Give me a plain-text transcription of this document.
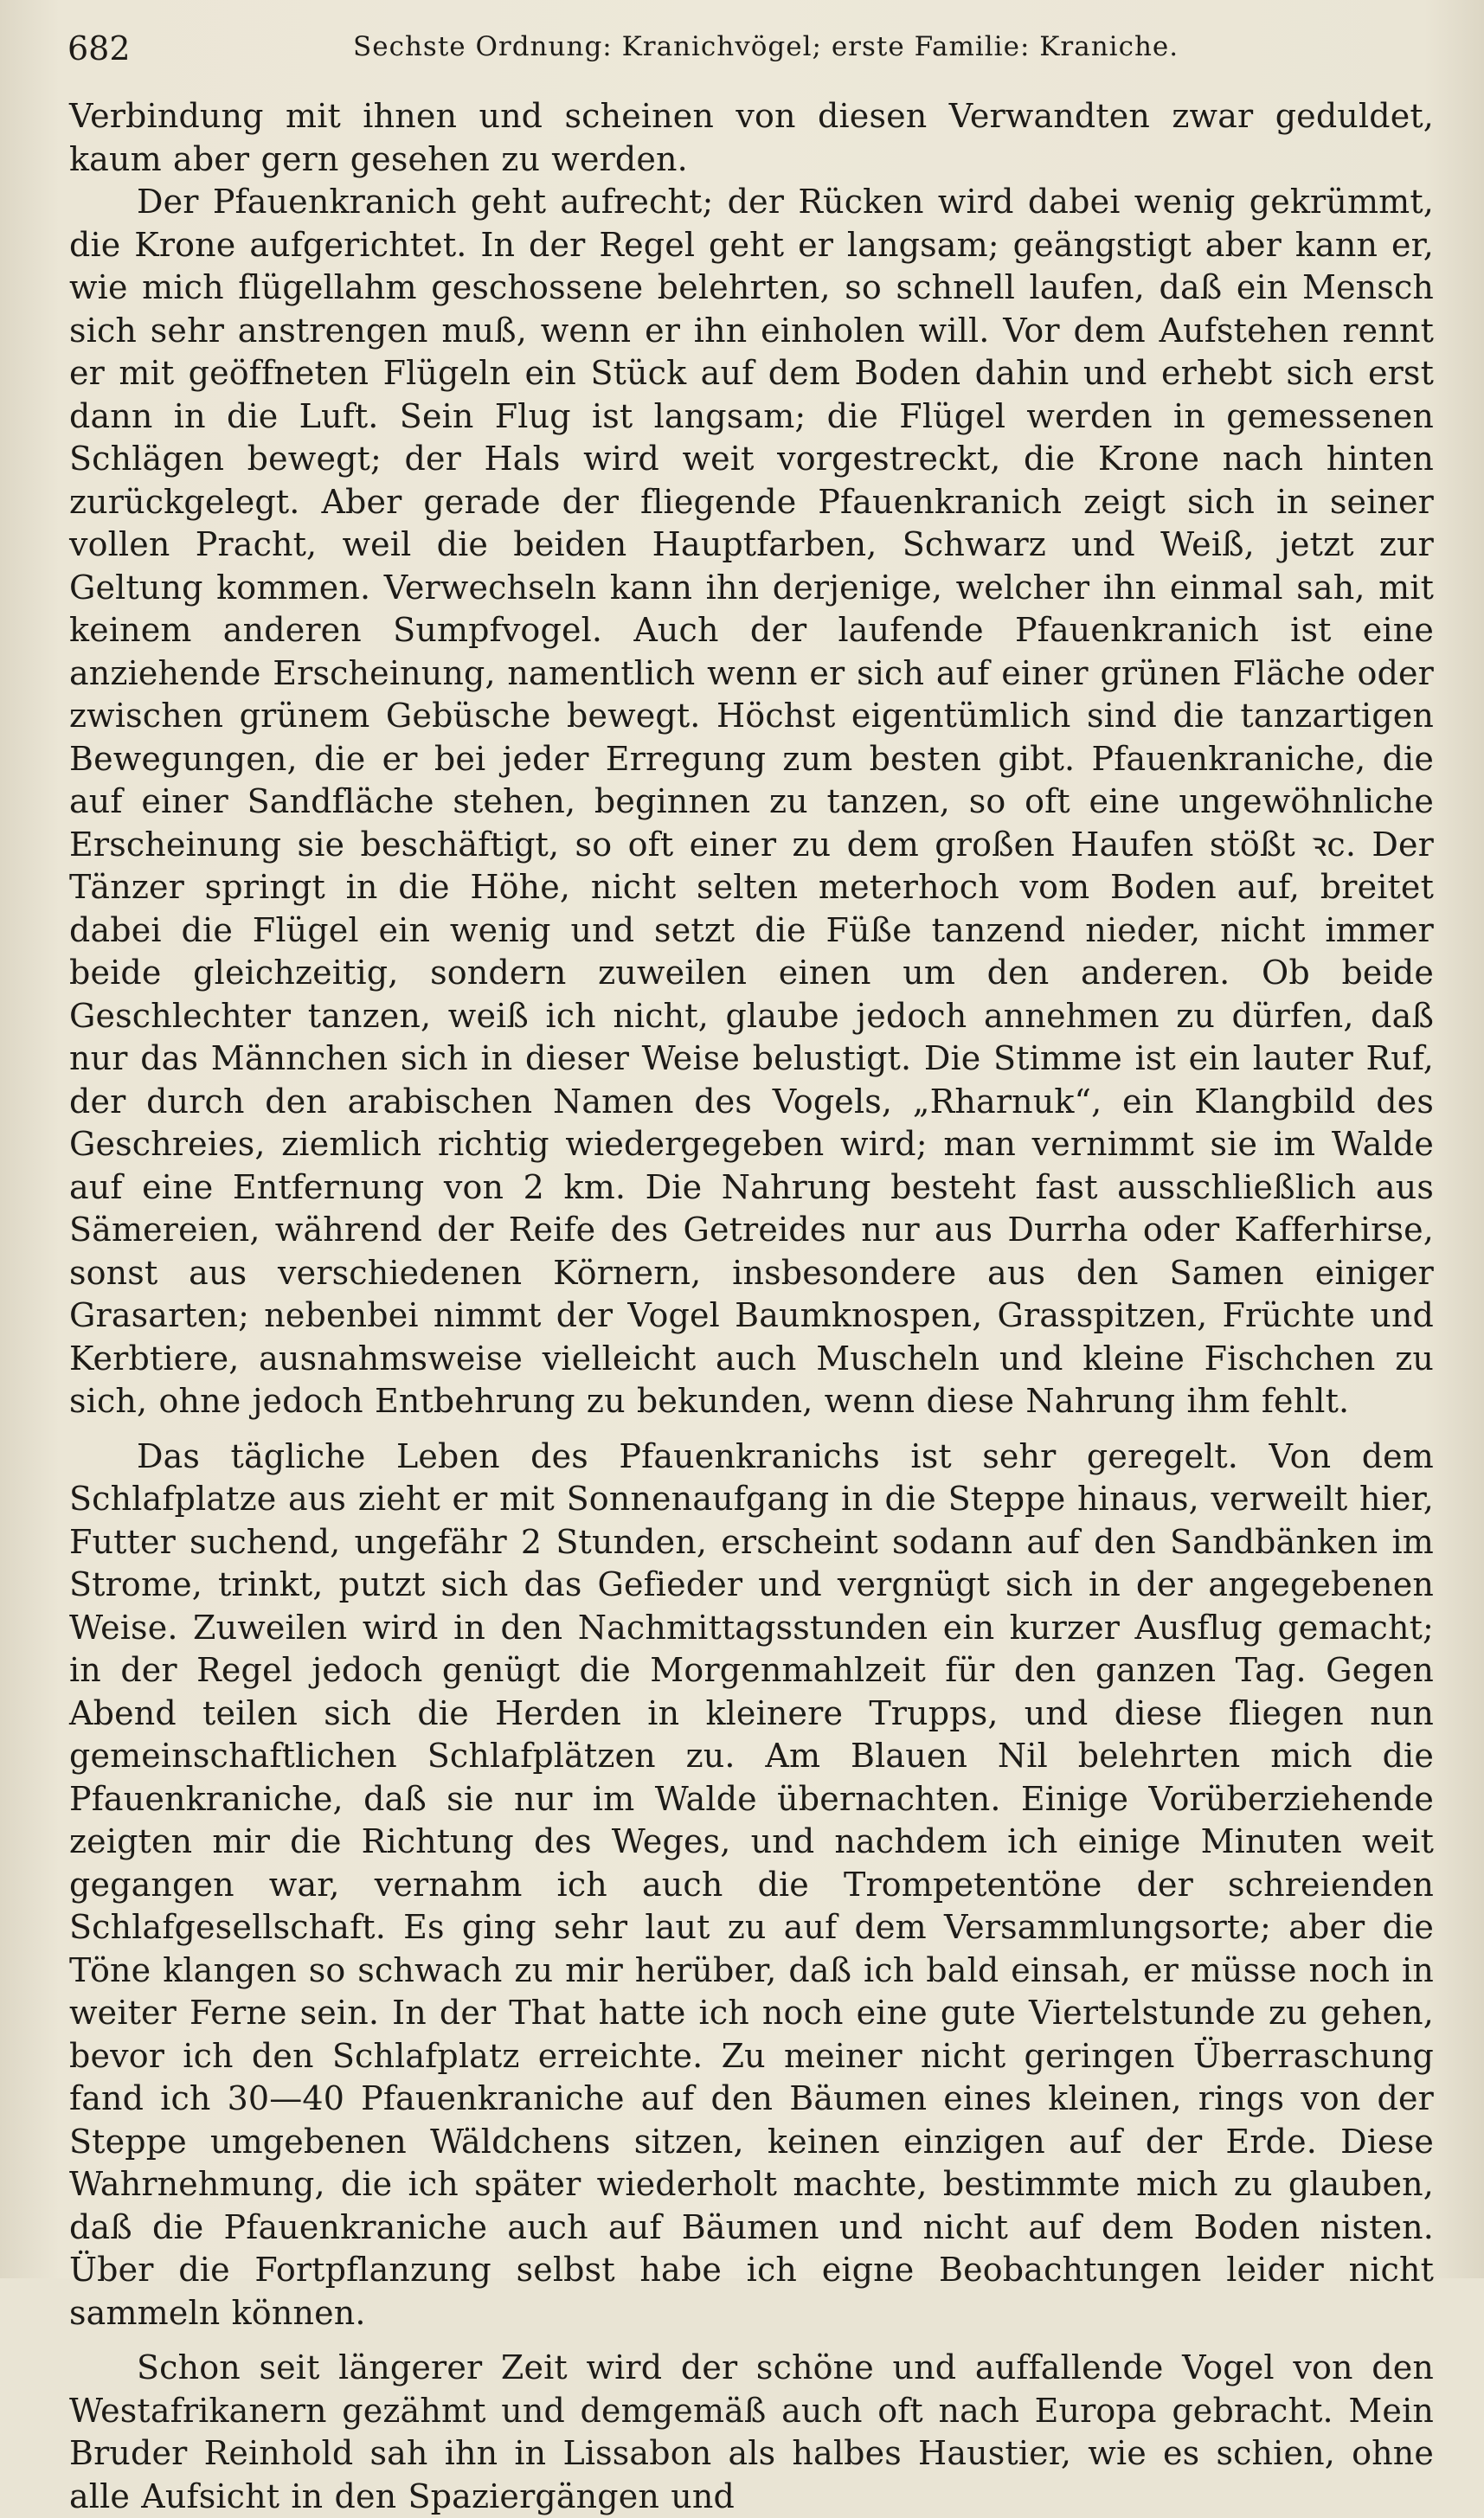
682	Sechste Ordnung: Kranichvögel; erste Familie: Kraniche.

Verbindung mit ihnen und scheinen von diesen Verwandten zwar geduldet, kaum aber gern gesehen zu werden.

Der Pfauenkranich geht aufrecht; der Rücken wird dabei wenig gekrümmt, die Krone aufgerichtet. In der Regel geht er langsam; geängstigt aber kann er, wie mich flügellahm geschossene belehrten, so schnell laufen, daß ein Mensch sich sehr anstrengen muß, wenn er ihn einholen will. Vor dem Aufstehen rennt er mit geöffneten Flügeln ein Stück auf dem Boden dahin und erhebt sich erst dann in die Luft. Sein Flug ist langsam; die Flügel werden in gemessenen Schlägen bewegt; der Hals wird weit vorgestreckt, die Krone nach hinten zurückgelegt. Aber gerade der fliegende Pfauenkranich zeigt sich in seiner vollen Pracht, weil die beiden Hauptfarben, Schwarz und Weiß, jetzt zur Geltung kommen. Verwechseln kann ihn derjenige, welcher ihn einmal sah, mit keinem anderen Sumpfvogel. Auch der laufende Pfauenkranich ist eine anziehende Erscheinung, namentlich wenn er sich auf einer grünen Fläche oder zwischen grünem Gebüsche bewegt. Höchst eigentümlich sind die tanzartigen Bewegungen, die er bei jeder Erregung zum besten gibt. Pfauenkraniche, die auf einer Sandfläche stehen, beginnen zu tanzen, so oft eine ungewöhnliche Erscheinung sie beschäftigt, so oft einer zu dem großen Haufen stößt ꝛc. Der Tänzer springt in die Höhe, nicht selten meterhoch vom Boden auf, breitet dabei die Flügel ein wenig und setzt die Füße tanzend nieder, nicht immer beide gleichzeitig, sondern zuweilen einen um den anderen. Ob beide Geschlechter tanzen, weiß ich nicht, glaube jedoch annehmen zu dürfen, daß nur das Männchen sich in dieser Weise belustigt. Die Stimme ist ein lauter Ruf, der durch den arabischen Namen des Vogels, „Rharnuk“, ein Klangbild des Geschreies, ziemlich richtig wiedergegeben wird; man vernimmt sie im Walde auf eine Entfernung von 2 km. Die Nahrung besteht fast ausschließlich aus Sämereien, während der Reife des Getreides nur aus Durrha oder Kafferhirse, sonst aus verschiedenen Körnern, insbesondere aus den Samen einiger Grasarten; nebenbei nimmt der Vogel Baumknospen, Grasspitzen, Früchte und Kerbtiere, ausnahmsweise vielleicht auch Muscheln und kleine Fischchen zu sich, ohne jedoch Entbehrung zu bekunden, wenn diese Nahrung ihm fehlt.

Das tägliche Leben des Pfauenkranichs ist sehr geregelt. Von dem Schlafplatze aus zieht er mit Sonnenaufgang in die Steppe hinaus, verweilt hier, Futter suchend, ungefähr 2 Stunden, erscheint sodann auf den Sandbänken im Strome, trinkt, putzt sich das Gefieder und vergnügt sich in der angegebenen Weise. Zuweilen wird in den Nachmittagsstunden ein kurzer Ausflug gemacht; in der Regel jedoch genügt die Morgenmahlzeit für den ganzen Tag. Gegen Abend teilen sich die Herden in kleinere Trupps, und diese fliegen nun gemeinschaftlichen Schlafplätzen zu. Am Blauen Nil belehrten mich die Pfauenkraniche, daß sie nur im Walde übernachten. Einige Vorüberziehende zeigten mir die Richtung des Weges, und nachdem ich einige Minuten weit gegangen war, vernahm ich auch die Trompetentöne der schreienden Schlafgesellschaft. Es ging sehr laut zu auf dem Versammlungsorte; aber die Töne klangen so schwach zu mir herüber, daß ich bald einsah, er müsse noch in weiter Ferne sein. In der That hatte ich noch eine gute Viertelstunde zu gehen, bevor ich den Schlafplatz erreichte. Zu meiner nicht geringen Überraschung fand ich 30—40 Pfauenkraniche auf den Bäumen eines kleinen, rings von der Steppe umgebenen Wäldchens sitzen, keinen einzigen auf der Erde. Diese Wahrnehmung, die ich später wiederholt machte, bestimmte mich zu glauben, daß die Pfauenkraniche auch auf Bäumen und nicht auf dem Boden nisten. Über die Fortpflanzung selbst habe ich eigne Beobachtungen leider nicht sammeln können.

Schon seit längerer Zeit wird der schöne und auffallende Vogel von den Westafrikanern gezähmt und demgemäß auch oft nach Europa gebracht. Mein Bruder Reinhold sah ihn in Lissabon als halbes Haustier, wie es schien, ohne alle Aufsicht in den Spaziergängen und
